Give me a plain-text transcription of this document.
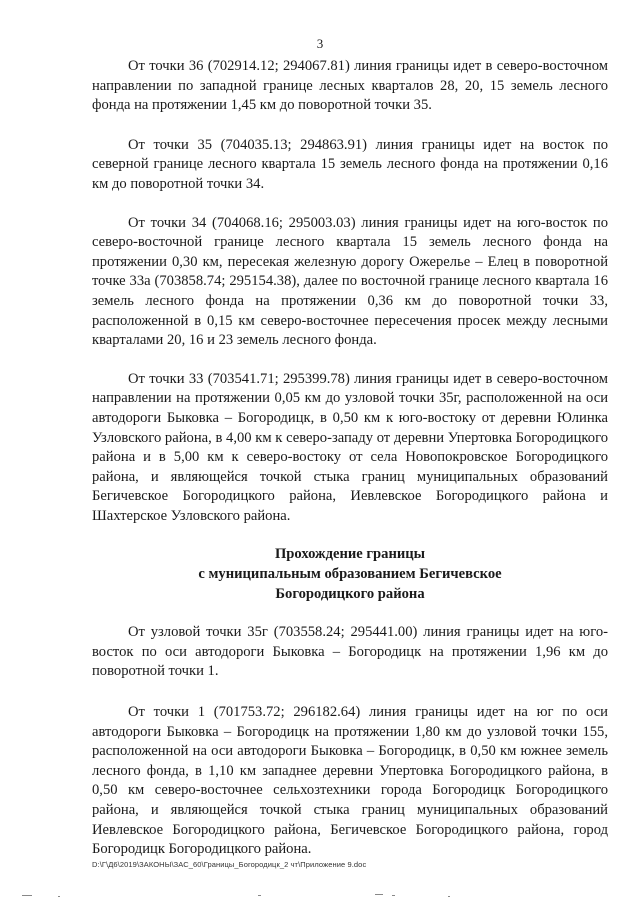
3

От точки 36 (702914.12; 294067.81) линия границы идет в северо-восточном направлении по западной границе лесных кварталов 28, 20, 15 земель лесного фонда на протяжении 1,45 км до поворотной точки 35.

От точки 35 (704035.13; 294863.91) линия границы идет на восток по северной границе лесного квартала 15 земель лесного фонда на протяжении 0,16 км до поворотной точки 34.

От точки 34 (704068.16; 295003.03) линия границы идет на юго-восток по северо-восточной границе лесного квартала 15 земель лесного фонда на протяжении 0,30 км, пересекая железную дорогу Ожерелье – Елец в поворотной точке 33а (703858.74; 295154.38), далее по восточной границе лесного квартала 16 земель лесного фонда на протяжении 0,36 км до поворотной точки 33, расположенной в 0,15 км северо-восточнее пересечения просек между лесными кварталами 20, 16 и 23 земель лесного фонда.

От точки 33 (703541.71; 295399.78) линия границы идет в северо-восточном направлении на протяжении 0,05 км до узловой точки 35г, расположенной на оси автодороги Быковка – Богородицк, в 0,50 км к юго-востоку от деревни Юлинка Узловского района, в 4,00 км к северо-западу от деревни Упертовка Богородицкого района и в 5,00 км к северо-востоку от села Новопокровское Богородицкого района, и являющейся точкой стыка границ муниципальных образований Бегичевское Богородицкого района, Иевлевское Богородицкого района и Шахтерское Узловского района.

Прохождение границы
с муниципальным образованием Бегичевское
Богородицкого района

От узловой точки 35г (703558.24; 295441.00) линия границы идет на юго-восток по оси автодороги Быковка – Богородицк на протяжении 1,96 км до поворотной точки 1.

От точки 1 (701753.72; 296182.64) линия границы идет на юг по оси автодороги Быковка – Богородицк на протяжении 1,80 км до узловой точки 155, расположенной на оси автодороги Быковка – Богородицк, в 0,50 км южнее земель лесного фонда, в 1,10 км западнее деревни Упертовка Богородицкого района, в 0,50 км северо-восточнее сельхозтехники города Богородицк Богородицкого района, и являющейся точкой стыка границ муниципальных образований Иевлевское Богородицкого района, Бегичевское Богородицкого района, город Богородицк Богородицкого района.

D:\Г\Д6\2019\ЗАКОНЫ\ЗАС_60\Границы_Богородицк_2 чт\Приложение 9.doc
